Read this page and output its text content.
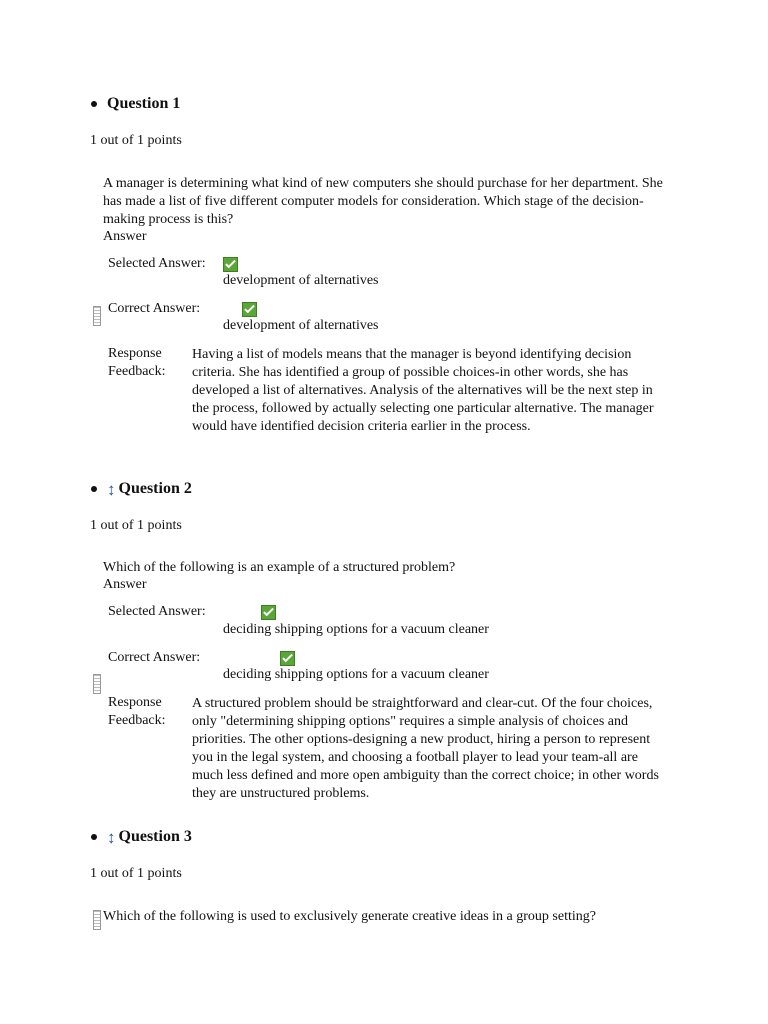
Question 1
1 out of 1 points
A manager is determining what kind of new computers she should purchase for her department. She has made a list of five different computer models for consideration. Which stage of the decision-making process is this?
Answer
Selected Answer:

development of alternatives
Correct Answer:

development of alternatives
Response
Feedback:
Having a list of models means that the manager is beyond identifying decision criteria. She has identified a group of possible choices-in other words, she has developed a list of alternatives. Analysis of the alternatives will be the next step in the process, followed by actually selecting one particular alternative. The manager would have identified decision criteria earlier in the process.
↕ Question 2
1 out of 1 points
Which of the following is an example of a structured problem?
Answer
Selected Answer:

deciding shipping options for a vacuum cleaner
Correct Answer:
deciding shipping options for a vacuum cleaner
Response
Feedback:
A structured problem should be straightforward and clear-cut. Of the four choices, only "determining shipping options" requires a simple analysis of choices and priorities. The other options-designing a new product, hiring a person to represent you in the legal system, and choosing a football player to lead your team-all are much less defined and more open ambiguity than the correct choice; in other words they are unstructured problems.
↕ Question 3
1 out of 1 points
Which of the following is used to exclusively generate creative ideas in a group setting?
